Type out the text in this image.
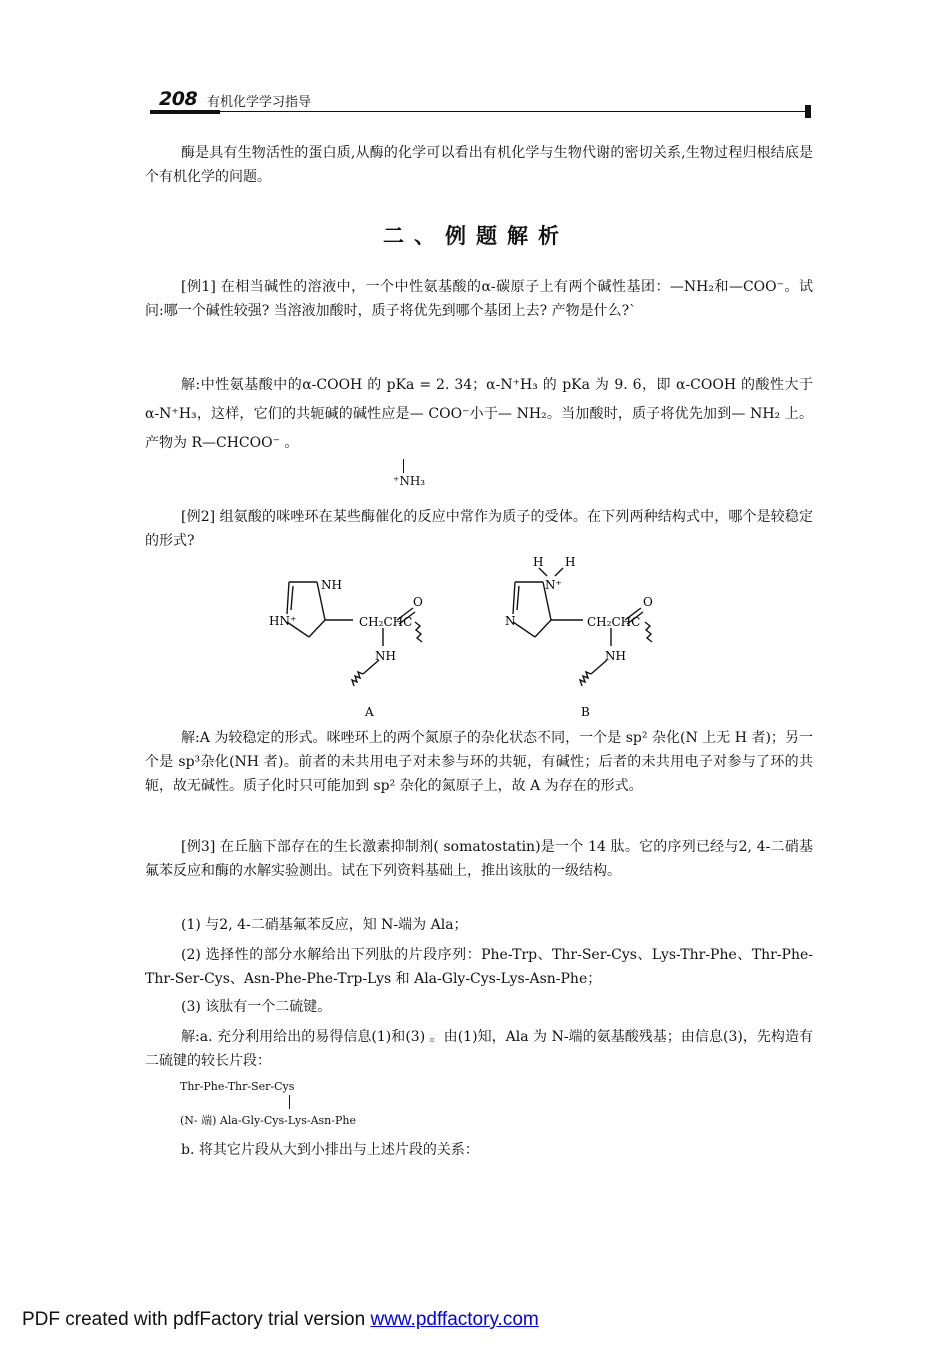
208 有机化学学习指导

酶是具有生物活性的蛋白质,从酶的化学可以看出有机化学与生物代谢的密切关系,生物过程归根结底是个有机化学的问题。

二、例题解析

[例1] 在相当碱性的溶液中，一个中性氨基酸的α-碳原子上有两个碱性基团：—NH₂和—COO⁻。试问:哪一个碱性较强? 当溶液加酸时，质子将优先到哪个基团上去? 产物是什么?`

解:中性氨基酸中的α-COOH 的 pKa = 2. 34；α-N⁺H₃ 的 pKa 为 9. 6，即 α-COOH 的酸性大于 α-N⁺H₃，这样，它们的共轭碱的碱性应是— COO⁻小于— NH₂。当加酸时，质子将优先加到— NH₂ 上。产物为 R—CHCOO⁻ 。

⁺NH₃

[例2] 组氨酸的咪唑环在某些酶催化的反应中常作为质子的受体。在下列两种结构式中，哪个是较稳定的形式?

NH
HN⁺	CH₂CHC
O
NH
A
H H
N⁺
N	CH₂CHC
O
NH
B

解:A 为较稳定的形式。咪唑环上的两个氮原子的杂化状态不同，一个是 sp² 杂化(N 上无 H 者)；另一个是 sp³杂化(NH 者)。前者的未共用电子对未参与环的共轭，有碱性；后者的未共用电子对参与了环的共轭，故无碱性。质子化时只可能加到 sp² 杂化的氮原子上，故 A 为存在的形式。

[例3] 在丘脑下部存在的生长激素抑制剂( somatostatin)是一个 14 肽。它的序列已经与2, 4-二硝基氟苯反应和酶的水解实验测出。试在下列资料基础上，推出该肽的一级结构。

(1) 与2, 4-二硝基氟苯反应，知 N-端为 Ala；

(2) 选择性的部分水解给出下列肽的片段序列：Phe-Trp、Thr-Ser-Cys、Lys-Thr-Phe、Thr-Phe-Thr-Ser-Cys、Asn-Phe-Phe-Trp-Lys 和 Ala-Gly-Cys-Lys-Asn-Phe；

(3) 该肽有一个二硫键。

解:a. 充分利用给出的易得信息(1)和(3) 。由(1)知，Ala 为 N-端的氨基酸残基；由信息(3)，先构造有二硫键的较长片段：

Thr-Phe-Thr-Ser-Cys
(N- 端) Ala-Gly-Cys-Lys-Asn-Phe

b. 将其它片段从大到小排出与上述片段的关系：

PDF created with pdfFactory trial version www.pdffactory.com
